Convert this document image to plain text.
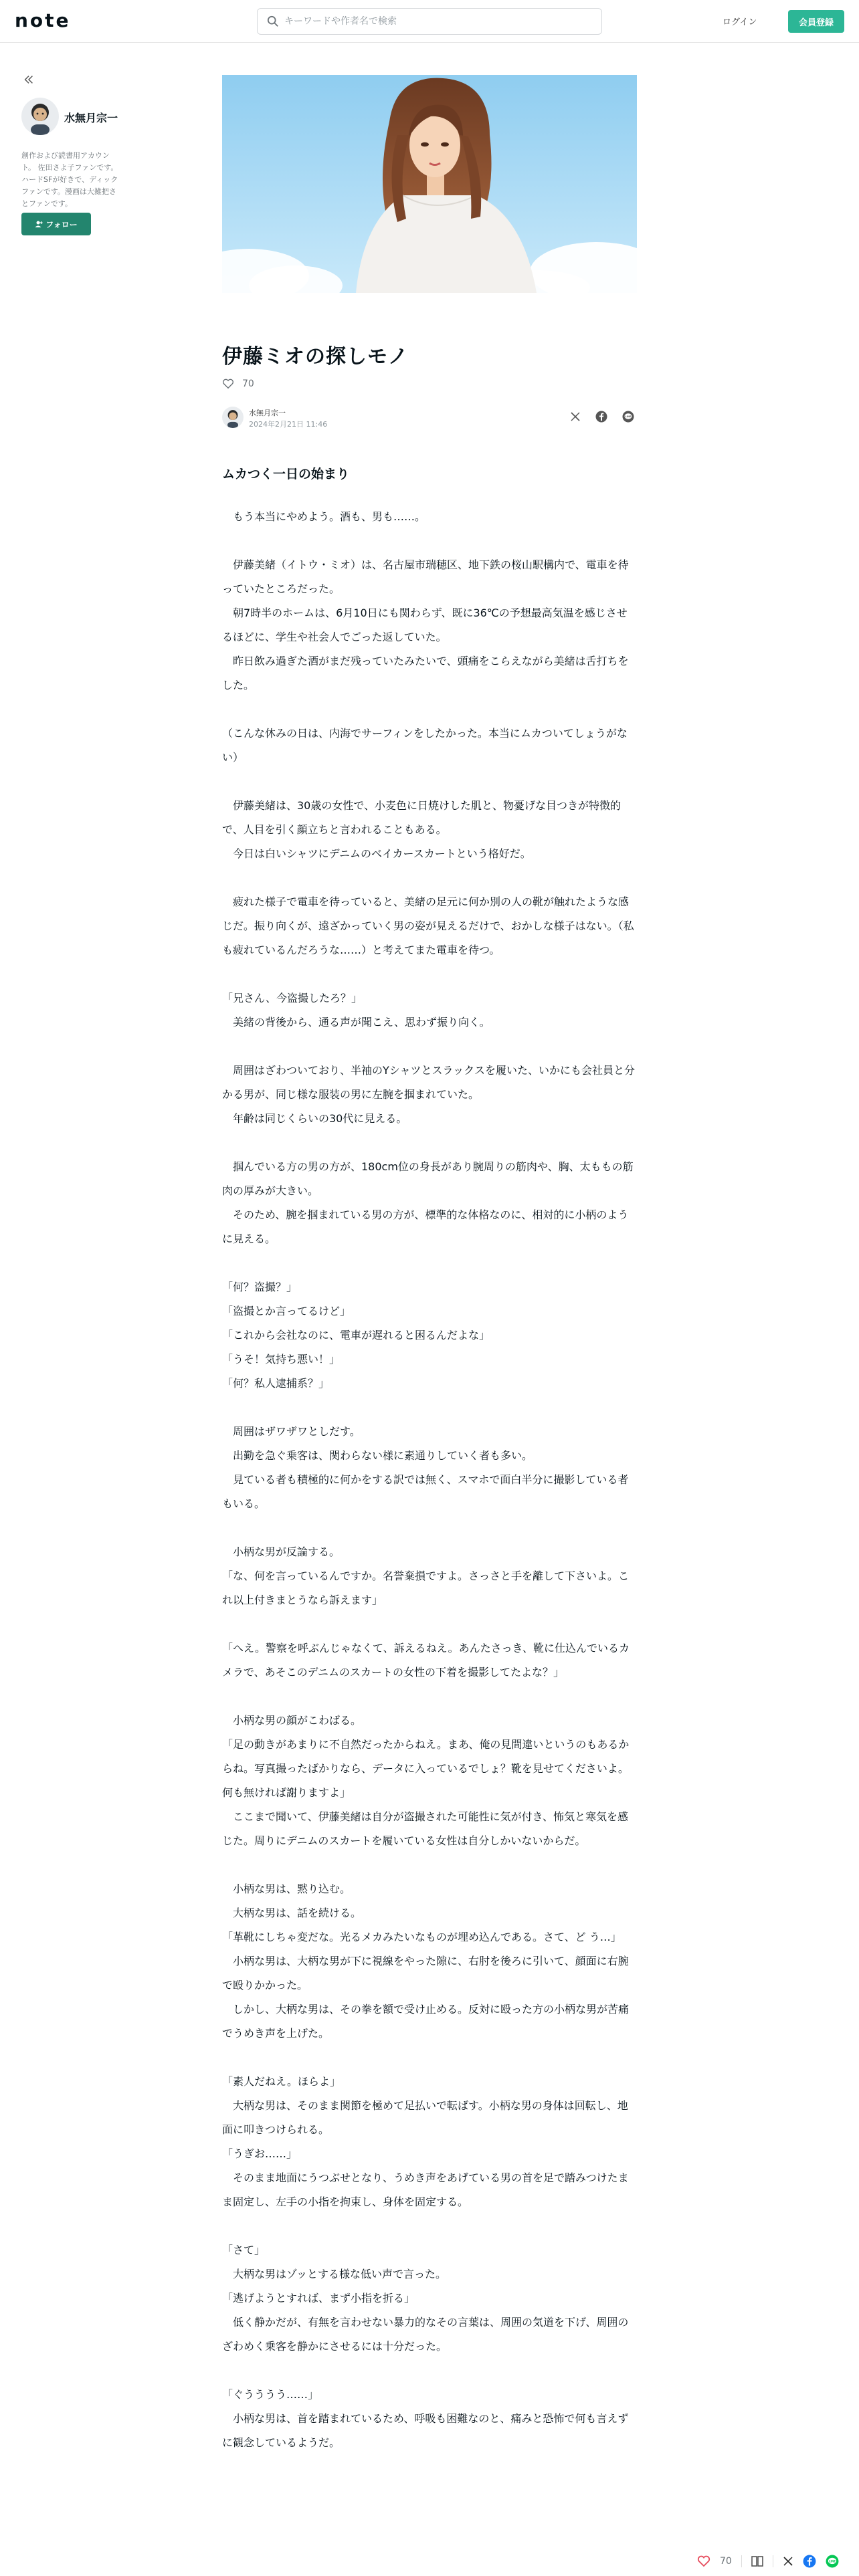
note
キーワードや作者名で検索	ログイン	会員登録
水無月宗一
創作および読書用アカウント。 佐田さよ子ファンです。ハードSFが好きで、ディックファンです。漫画は大雑把さとファンです。
フォロー
伊藤ミオの探しモノ
70
水無月宗一
2024年2月21日 11:46
LINE
ムカつく一日の始まり

　もう本当にやめよう。酒も、男も……。

　伊藤美緒（イトウ・ミオ）は、名古屋市瑞穂区、地下鉄の桜山駅構内で、電車を待っていたところだった。

　朝7時半のホームは、6月10日にも関わらず、既に36℃の予想最高気温を感じさせるほどに、学生や社会人でごった返していた。

　昨日飲み過ぎた酒がまだ残っていたみたいで、頭痛をこらえながら美緒は舌打ちをした。

（こんな休みの日は、内海でサーフィンをしたかった。本当にムカついてしょうがない）

　伊藤美緒は、30歳の女性で、小麦色に日焼けした肌と、物憂げな目つきが特徴的で、人目を引く顔立ちと言われることもある。

　今日は白いシャツにデニムのベイカースカートという格好だ。

　疲れた様子で電車を待っていると、美緒の足元に何か別の人の靴が触れたような感じだ。振り向くが、遠ざかっていく男の姿が見えるだけで、おかしな様子はない。（私も疲れているんだろうな……）と考えてまた電車を待つ。

「兄さん、今盗撮したろ？」

　美緒の背後から、通る声が聞こえ、思わず振り向く。

　周囲はざわついており、半袖のYシャツとスラックスを履いた、いかにも会社員と分かる男が、同じ様な服装の男に左腕を掴まれていた。

　年齢は同じくらいの30代に見える。

　掴んでいる方の男の方が、180cm位の身長があり腕周りの筋肉や、胸、太ももの筋肉の厚みが大きい。

　そのため、腕を掴まれている男の方が、標準的な体格なのに、相対的に小柄のように見える。

「何？盗撮？」

「盗撮とか言ってるけど」

「これから会社なのに、電車が遅れると困るんだよな」

「うそ！気持ち悪い！」

「何？私人逮捕系？」

　周囲はザワザワとしだす。

　出勤を急ぐ乗客は、関わらない様に素通りしていく者も多い。

　見ている者も積極的に何かをする訳では無く、スマホで面白半分に撮影している者もいる。

　小柄な男が反論する。

「な、何を言っているんですか。名誉棄損ですよ。さっさと手を離して下さいよ。これ以上付きまとうなら訴えます」

「へえ。警察を呼ぶんじゃなくて、訴えるねえ。あんたさっき、靴に仕込んでいるカメラで、あそこのデニムのスカートの女性の下着を撮影してたよな？」

　小柄な男の顔がこわばる。

「足の動きがあまりに不自然だったからねえ。まあ、俺の見間違いというのもあるからね。写真撮ったばかりなら、データに入っているでしょ？靴を見せてくださいよ。何も無ければ謝りますよ」

　ここまで聞いて、伊藤美緒は自分が盗撮された可能性に気が付き、怖気と寒気を感じた。周りにデニムのスカートを履いている女性は自分しかいないからだ。

　小柄な男は、黙り込む。

　大柄な男は、話を続ける。

「革靴にしちゃ変だな。光るメカみたいなものが埋め込んである。さて、ど う…」

　小柄な男は、大柄な男が下に視線をやった隙に、右肘を後ろに引いて、顔面に右腕で殴りかかった。

　しかし、大柄な男は、その拳を額で受け止める。反対に殴った方の小柄な男が苦痛でうめき声を上げた。

「素人だねえ。ほらよ」

　大柄な男は、そのまま関節を極めて足払いで転ばす。小柄な男の身体は回転し、地面に叩きつけられる。

「うぎお……」

　そのまま地面にうつぶせとなり、うめき声をあげている男の首を足で踏みつけたまま固定し、左手の小指を拘束し、身体を固定する。

「さて」

　大柄な男はゾッとする様な低い声で言った。

「逃げようとすれば、まず小指を折る」

　低く静かだが、有無を言わせない暴力的なその言葉は、周囲の気道を下げ、周囲のざわめく乗客を静かにさせるには十分だった。

「ぐうううう……」

　小柄な男は、首を踏まれているため、呼吸も困難なのと、痛みと恐怖で何も言えずに観念しているようだ。

70	LINE
